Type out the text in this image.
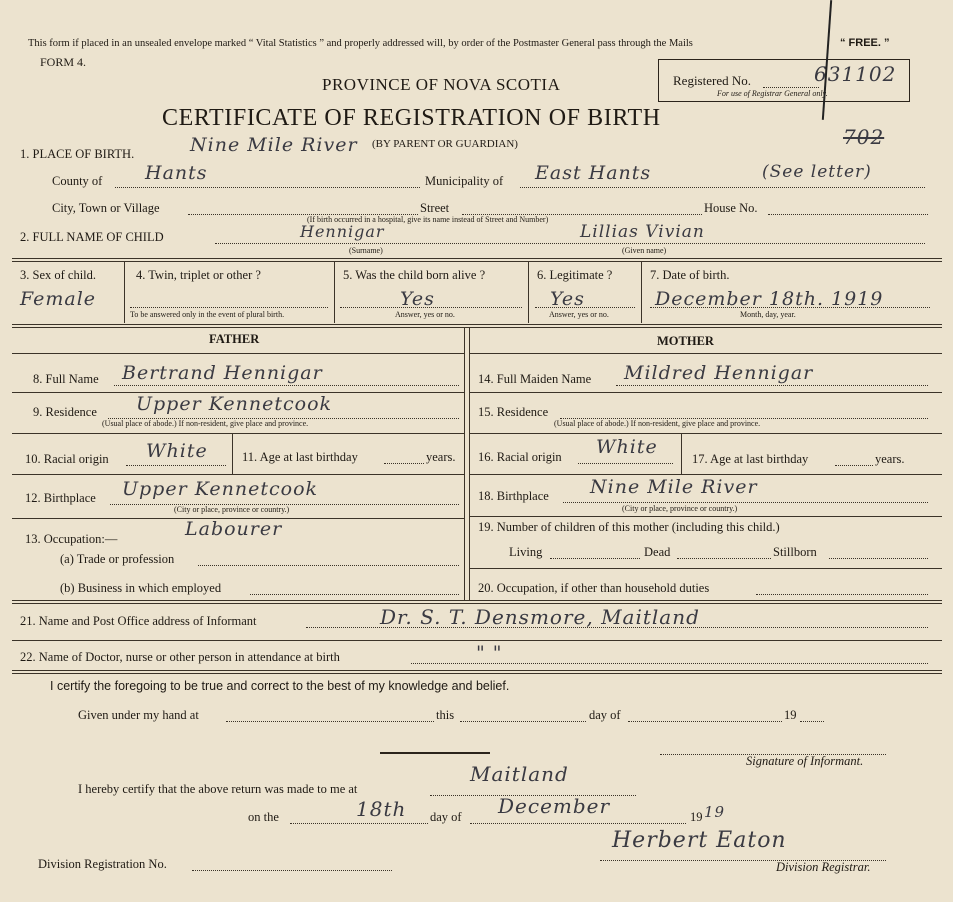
This form if placed in an unsealed envelope marked “ Vital Statistics ” and properly addressed will, by order of the Postmaster General pass through the Mails	“ FREE. ”
FORM 4.
PROVINCE OF NOVA SCOTIA
CERTIFICATE OF REGISTRATION OF BIRTH
(BY PARENT OR GUARDIAN)
Registered No.
For use of Registrar General only.
631102
702
1. PLACE OF BIRTH.	Nine Mile River
County of Hants	Municipality of East Hants	(See letter)
City, Town or Village	Street	House No.
(If birth occurred in a hospital, give its name instead of Street and Number)
2. FULL NAME OF CHILD	Hennigar	Lillias Vivian
(Surname)	(Given name)
3. Sex of child.
Female
4. Twin, triplet or other ?
To be answered only in the event of plural birth.
5. Was the child born alive ?
Yes
Answer, yes or no.
6. Legitimate ?
Yes
Answer, yes or no.
7. Date of birth.
December 18th. 1919
Month, day, year.
FATHER	MOTHER
8. Full Name Bertrand Hennigar
9. Residence Upper Kennetcook
(Usual place of abode.) If non-resident, give place and province.
10. Racial origin White	11. Age at last birthday	years.
12. Birthplace Upper Kennetcook
(City or place, province or country.)
13. Occupation:—	Labourer
(a) Trade or profession
(b) Business in which employed
14. Full Maiden Name Mildred Hennigar
15. Residence
(Usual place of abode.) If non-resident, give place and province.
16. Racial origin White
17. Age at last birthday	years.
18. Birthplace Nine Mile River
(City or place, province or country.)
19. Number of children of this mother (including this child.)
Living	Dead	Stillborn
20. Occupation, if other than household duties
21. Name and Post Office address of Informant	Dr. S. T. Densmore, Maitland
22. Name of Doctor, nurse or other person in attendance at birth	" "
I certify the foregoing to be true and correct to the best of my knowledge and belief.
Given under my hand at	this	day of	19
Signature of Informant.
I hereby certify that the above return was made to me at
Maitland
on the	18th day of December	19 19
Herbert Eaton
Division Registration No.	Division Registrar.
